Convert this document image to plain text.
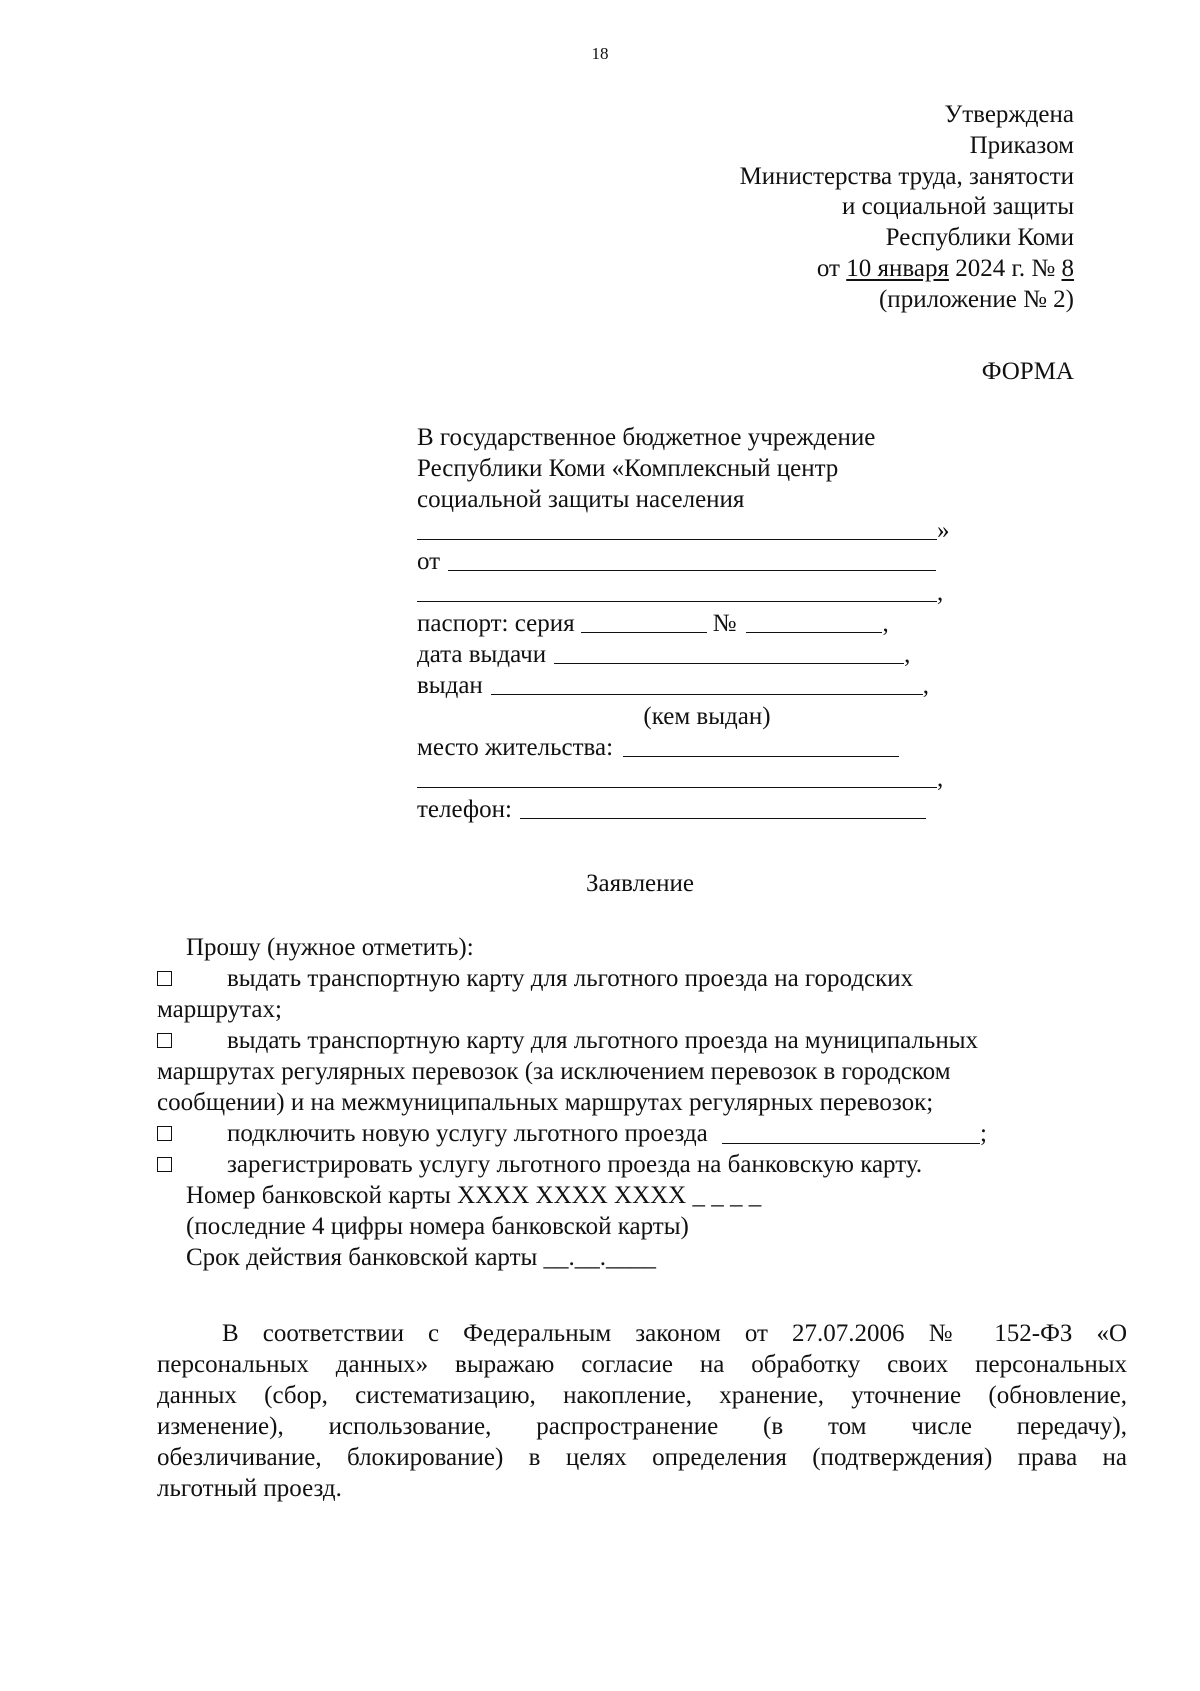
18
Утверждена
Приказом
Министерства труда, занятости
и социальной защиты
Республики Коми
от 10 января 2024 г. № 8
(приложение № 2)
ФОРМА
В государственное бюджетное учреждение
Республики Коми «Комплексный центр
социальной защиты населения
»
от
,
паспорт: серия	№	,
дата выдачи	,
выдан	,
(кем выдан)
место жительства:
,
телефон:
Заявление
Прошу (нужное отметить):
выдать транспортную карту для льготного проезда на городских
маршрутах;
выдать транспортную карту для льготного проезда на муниципальных
маршрутах регулярных перевозок (за исключением перевозок в городском
сообщении) и на межмуниципальных маршрутах регулярных перевозок;
подключить новую услугу льготного проезда	;
зарегистрировать услугу льготного проезда на банковскую карту.
Номер банковской карты XXXX XXXX XXXX _ _ _ _
(последние 4 цифры номера банковской карты)
Срок действия банковской карты __.__.____

В соответствии с Федеральным законом от 27.07.2006 № 152-ФЗ «О

персональных данных» выражаю согласие на обработку своих персональных

данных (сбор, систематизацию, накопление, хранение, уточнение (обновление,

изменение), использование, распространение (в том числе передачу),

обезличивание, блокирование) в целях определения (подтверждения) права на

льготный проезд.
